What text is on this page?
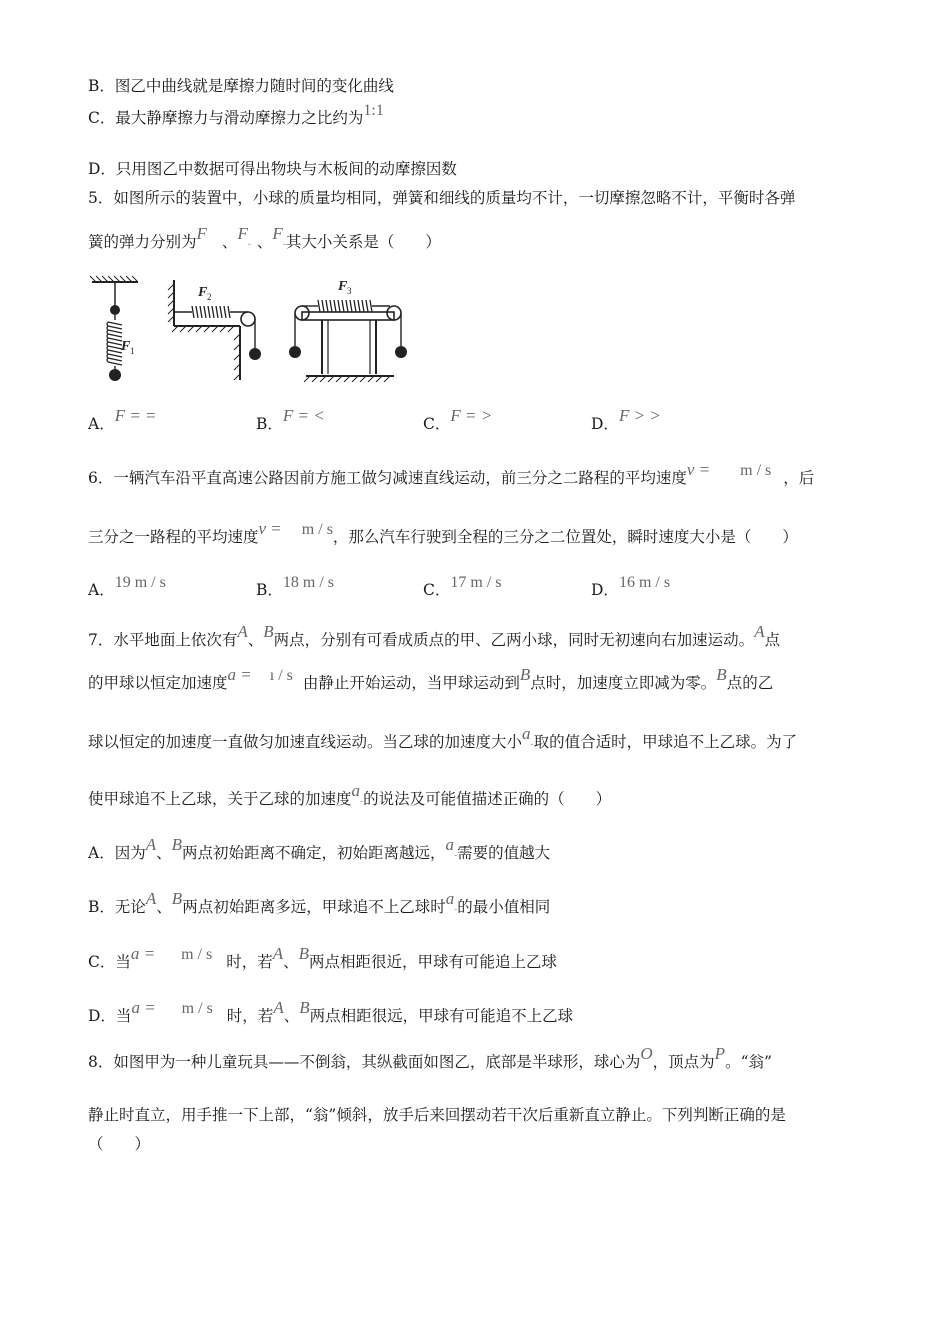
B．图乙中曲线就是摩擦力随时间的变化曲线
C．最大静摩擦力与滑动摩擦力之比约为1:1
D．只用图乙中数据可得出物块与木板间的动摩擦因数
5．如图所示的装置中，小球的质量均相同，弹簧和细线的质量均不计，一切摩擦忽略不计，平衡时各弹
簧的弹力分别为F　 、F- 、F-其大小关系是（　　）
F 1
F 2
F 3
A．F = =	B．F = <	C．F = >	D．F > >
6．一辆汽车沿平直高速公路因前方施工做匀减速直线运动，前三分之二路程的平均速度v = m / s ，后
三分之一路程的平均速度v = m / s，那么汽车行驶到全程的三分之二位置处，瞬时速度大小是（　　）
A．19 m / s	B．18 m / s	C．17 m / s	D．16 m / s
7．水平地面上依次有A、B两点，分别有可看成质点的甲、乙两小球，同时无初速向右加速运动。A点
的甲球以恒定加速度a = ı / s 由静止开始运动，当甲球运动到B点时，加速度立即减为零。B点的乙
球以恒定的加速度一直做匀加速直线运动。当乙球的加速度大小a-取的值合适时，甲球追不上乙球。为了
使甲球追不上乙球，关于乙球的加速度a-的说法及可能值描述正确的（　　）
A．因为A、B两点初始距离不确定，初始距离越远，a-需要的值越大
B．无论A、B两点初始距离多远，甲球追不上乙球时a-的最小值相同
C．当a = m / s 时，若A、B两点相距很近，甲球有可能追上乙球
D．当a = m / s 时，若A、B两点相距很远，甲球有可能追不上乙球
8．如图甲为一种儿童玩具——不倒翁，其纵截面如图乙，底部是半球形，球心为O，顶点为P。“翁”
静止时直立，用手推一下上部，“翁”倾斜，放手后来回摆动若干次后重新直立静止。下列判断正确的是
（　　）
